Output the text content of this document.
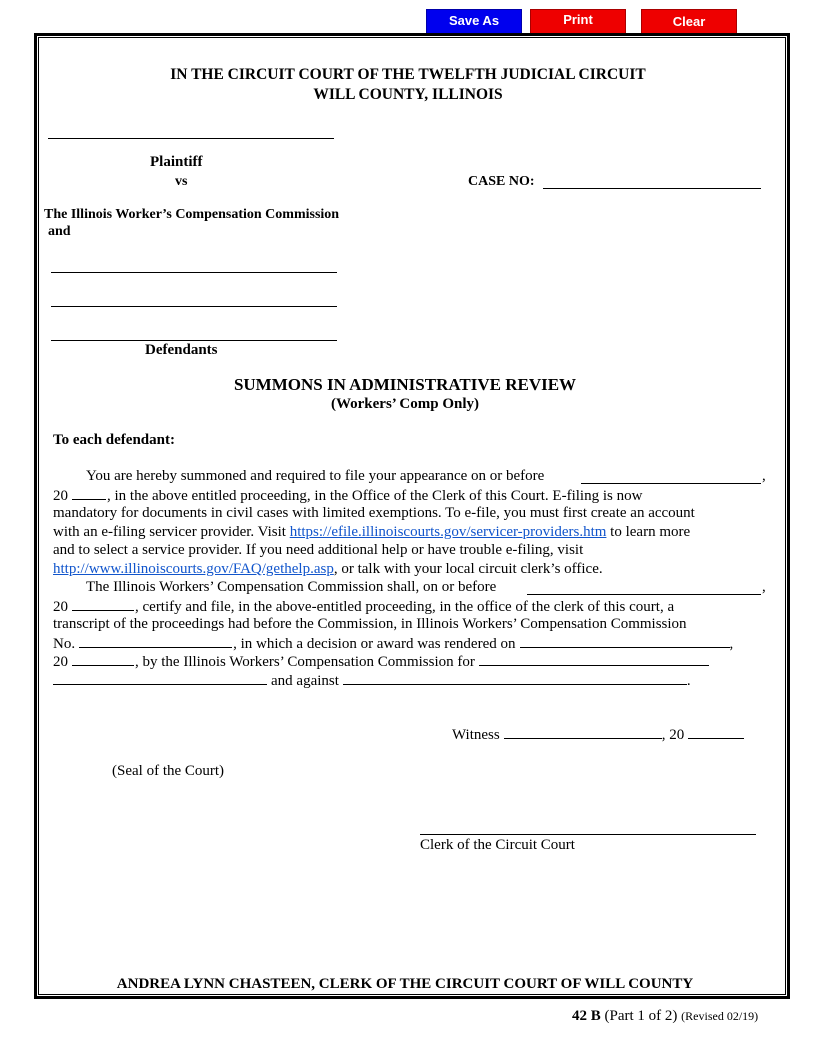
Save As	Print	Clear
IN THE CIRCUIT COURT OF THE TWELFTH JUDICIAL CIRCUIT
WILL COUNTY, ILLINOIS
Plaintiff
vs	CASE NO:
The Illinois Worker’s Compensation Commission
and
Defendants
SUMMONS IN ADMINISTRATIVE REVIEW
(Workers’ Comp Only)
To each defendant:
You are hereby summoned and required to file your appearance on or before	,
20	, in the above entitled proceeding, in the Office of the Clerk of this Court. E-filing is now
mandatory for documents in civil cases with limited exemptions. To e-file, you must first create an account
with an e-filing servicer provider. Visit https://efile.illinoiscourts.gov/servicer-providers.htm to learn more
and to select a service provider. If you need additional help or have trouble e-filing, visit
http://www.illinoiscourts.gov/FAQ/gethelp.asp, or talk with your local circuit clerk’s office.
The Illinois Workers’ Compensation Commission shall, on or before	,
20	, certify and file, in the above-entitled proceeding, in the office of the clerk of this court, a
transcript of the proceedings had before the Commission, in Illinois Workers’ Compensation Commission
No.	, in which a decision or award was rendered on	,
20	, by the Illinois Workers’ Compensation Commission for
and against	.
Witness	, 20
(Seal of the Court)
Clerk of the Circuit Court
ANDREA LYNN CHASTEEN, CLERK OF THE CIRCUIT COURT OF WILL COUNTY
42 B (Part 1 of 2) (Revised 02/19)
